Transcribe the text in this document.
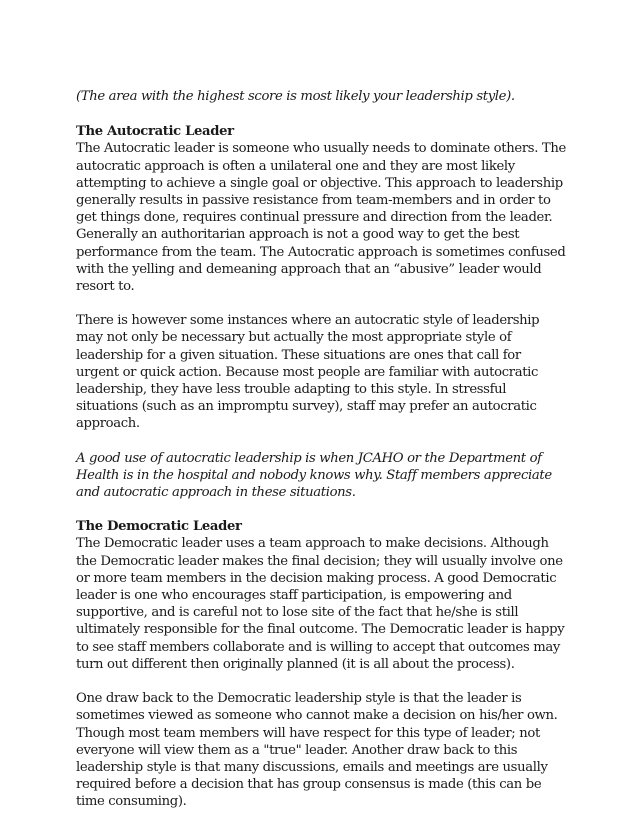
(The area with the highest score is most likely your leadership style).

The Autocratic Leader

The Autocratic leader is someone who usually needs to dominate others. The autocratic approach is often a unilateral one and they are most likely attempting to achieve a single goal or objective. This approach to leadership generally results in passive resistance from team-members and in order to get things done, requires continual pressure and direction from the leader. Generally an authoritarian approach is not a good way to get the best performance from the team. The Autocratic approach is sometimes confused with the yelling and demeaning approach that an “abusive” leader would resort to.

There is however some instances where an autocratic style of leadership may not only be necessary but actually the most appropriate style of leadership for a given situation. These situations are ones that call for urgent or quick action. Because most people are familiar with autocratic leadership, they have less trouble adapting to this style. In stressful situations (such as an impromptu survey), staff may prefer an autocratic approach.

A good use of autocratic leadership is when JCAHO or the Department of Health is in the hospital and nobody knows why. Staff members appreciate and autocratic approach in these situations.

The Democratic Leader

The Democratic leader uses a team approach to make decisions. Although the Democratic leader makes the final decision; they will usually involve one or more team members in the decision making process. A good Democratic leader is one who encourages staff participation, is empowering and supportive, and is careful not to lose site of the fact that he/she is still ultimately responsible for the final outcome. The Democratic leader is happy to see staff members collaborate and is willing to accept that outcomes may turn out different then originally planned (it is all about the process).

One draw back to the Democratic leadership style is that the leader is sometimes viewed as someone who cannot make a decision on his/her own. Though most team members will have respect for this type of leader; not everyone will view them as a "true" leader. Another draw back to this leadership style is that many discussions, emails and meetings are usually required before a decision that has group consensus is made (this can be time consuming).
